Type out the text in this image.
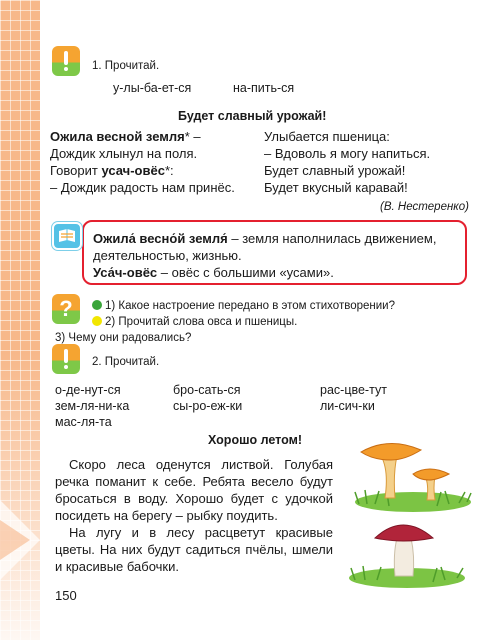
1. Прочитай.
у-лы-ба-ет-ся	на-пить-ся
Будет славный урожай!
Ожила весной земля* –
Дождик хлынул на поля.
Говорит усач-овёс*:
– Дождик радость нам принёс.
Улыбается пшеница:
– Вдоволь я могу напиться.
Будет славный урожай!
Будет вкусный каравай!
(В. Нестеренко)
Ожила́ весно́й земля́ – земля наполнилась движением,
деятельностью, жизнью.
Уса́ч-овёс – овёс с большими «усами».
?	1) Какое настроение передано в этом стихотворении?
2) Прочитай слова овса и пшеницы.
3) Чему они радовались?
2. Прочитай.
о-де-нут-ся	бро-сать-ся	рас-цве-тут
зем-ля-ни-ка	сы-ро-еж-ки	ли-сич-ки
мас-ля-та
Хорошо летом!
Скоро леса оденутся листвой. Голубая речка поманит к себе. Ребята весело будут бросаться в воду. Хорошо будет с удочкой посидеть на берегу – рыбку поудить.
На лугу и в лесу расцветут красивые цветы. На них будут садиться пчёлы, шмели и красивые бабочки.
150
